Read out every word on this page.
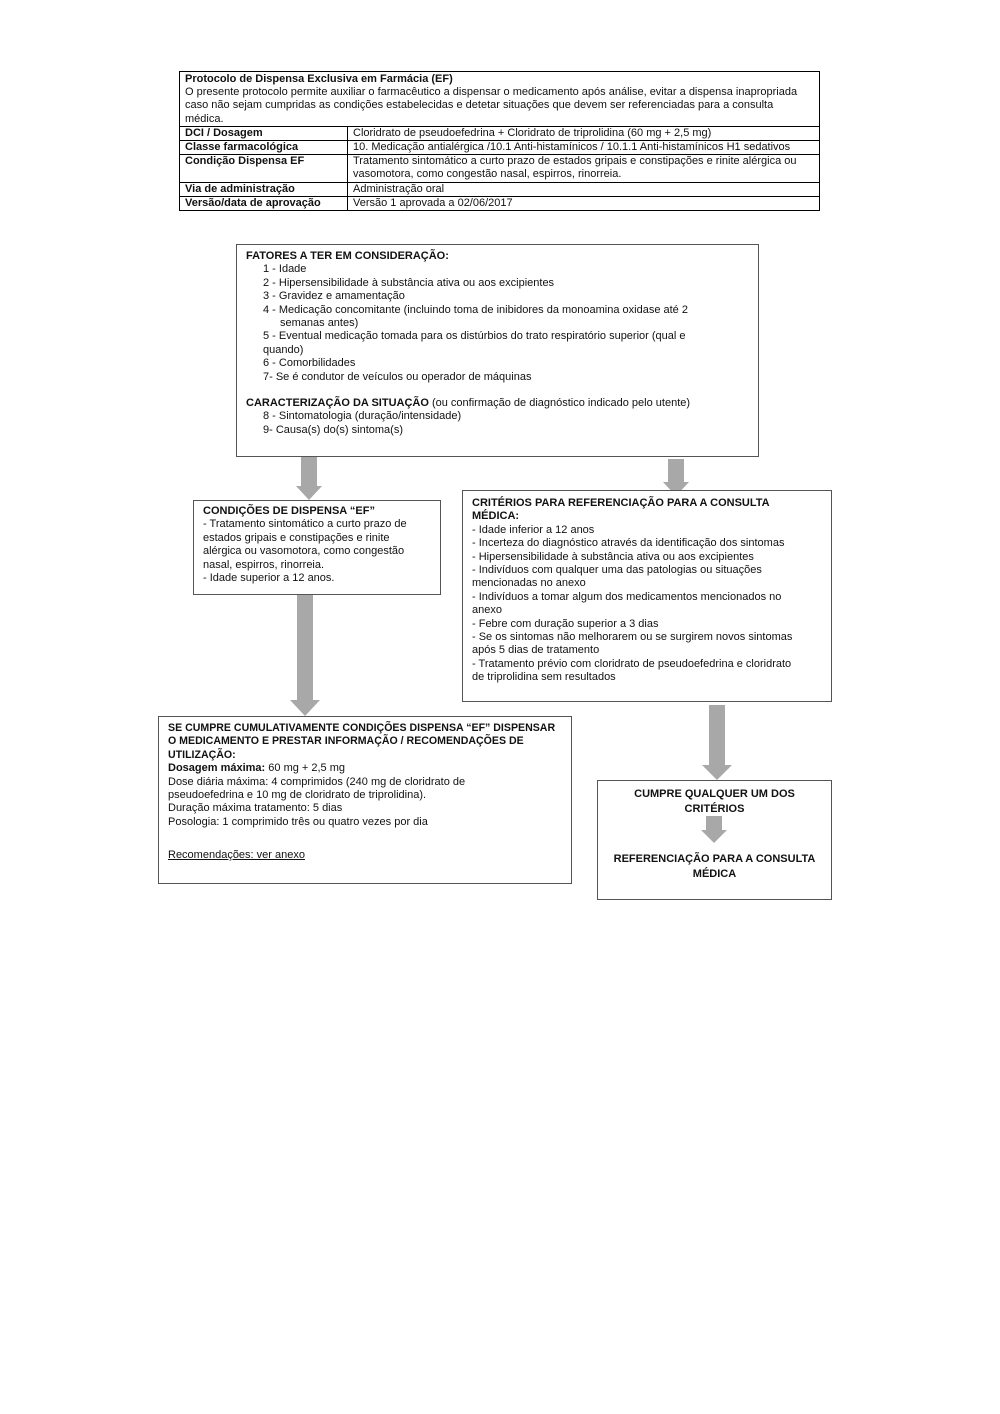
Protocolo de Dispensa Exclusiva em Farmácia (EF)
O presente protocolo permite auxiliar o farmacêutico a dispensar o medicamento após análise, evitar a dispensa inapropriada caso não sejam cumpridas as condições estabelecidas e detetar situações que devem ser referenciadas para a consulta médica.	

DCI / Dosagem	Cloridrato de pseudoefedrina + Cloridrato de triprolidina (60 mg + 2,5 mg)
Classe farmacológica	10. Medicação antialérgica /10.1 Anti-histamínicos / 10.1.1 Anti-histamínicos H1 sedativos
Condição Dispensa EF	Tratamento sintomático a curto prazo de estados gripais e constipações e rinite alérgica ou vasomotora, como congestão nasal, espirros, rinorreia.
Via de administração	Administração oral
Versão/data de aprovação	Versão 1 aprovada a 02/06/2017
FATORES A TER EM CONSIDERAÇÃO:
1 - Idade
2 - Hipersensibilidade à substância ativa ou aos excipientes
3 - Gravidez e amamentação
4 - Medicação concomitante (incluindo toma de inibidores da monoamina oxidase até 2
semanas antes)
5 - Eventual medicação tomada para os distúrbios do trato respiratório superior (qual e
quando)
6 - Comorbilidades
7- Se é condutor de veículos ou operador de máquinas
CARACTERIZAÇÃO DA SITUAÇÃO (ou confirmação de diagnóstico indicado pelo utente)
8 - Sintomatologia (duração/intensidade)
9- Causa(s) do(s) sintoma(s)
CONDIÇÕES DE DISPENSA “EF”
- Tratamento sintomático a curto prazo de
estados gripais e constipações e rinite
alérgica ou vasomotora, como congestão
nasal, espirros, rinorreia.
- Idade superior a 12 anos.
CRITÉRIOS PARA REFERENCIAÇÃO PARA A CONSULTA
MÉDICA:
- Idade inferior a 12 anos
- Incerteza do diagnóstico através da identificação dos sintomas
- Hipersensibilidade à substância ativa ou aos excipientes
- Indivíduos com qualquer uma das patologias ou situações
mencionadas no anexo
- Indivíduos a tomar algum dos medicamentos mencionados no
anexo
- Febre com duração superior a 3 dias
- Se os sintomas não melhorarem ou se surgirem novos sintomas
após 5 dias de tratamento
- Tratamento prévio com cloridrato de pseudoefedrina e cloridrato
de triprolidina sem resultados
SE CUMPRE CUMULATIVAMENTE CONDIÇÕES DISPENSA “EF” DISPENSAR
O MEDICAMENTO E PRESTAR INFORMAÇÃO / RECOMENDAÇÕES DE
UTILIZAÇÃO:
Dosagem máxima: 60 mg + 2,5 mg
Dose diária máxima: 4 comprimidos (240 mg de cloridrato de
pseudoefedrina e 10 mg de cloridrato de triprolidina).
Duração máxima tratamento: 5 dias
Posologia: 1 comprimido três ou quatro vezes por dia
Recomendações: ver anexo
CUMPRE QUALQUER UM DOS
CRITÉRIOS
REFERENCIAÇÃO PARA A CONSULTA
MÉDICA
